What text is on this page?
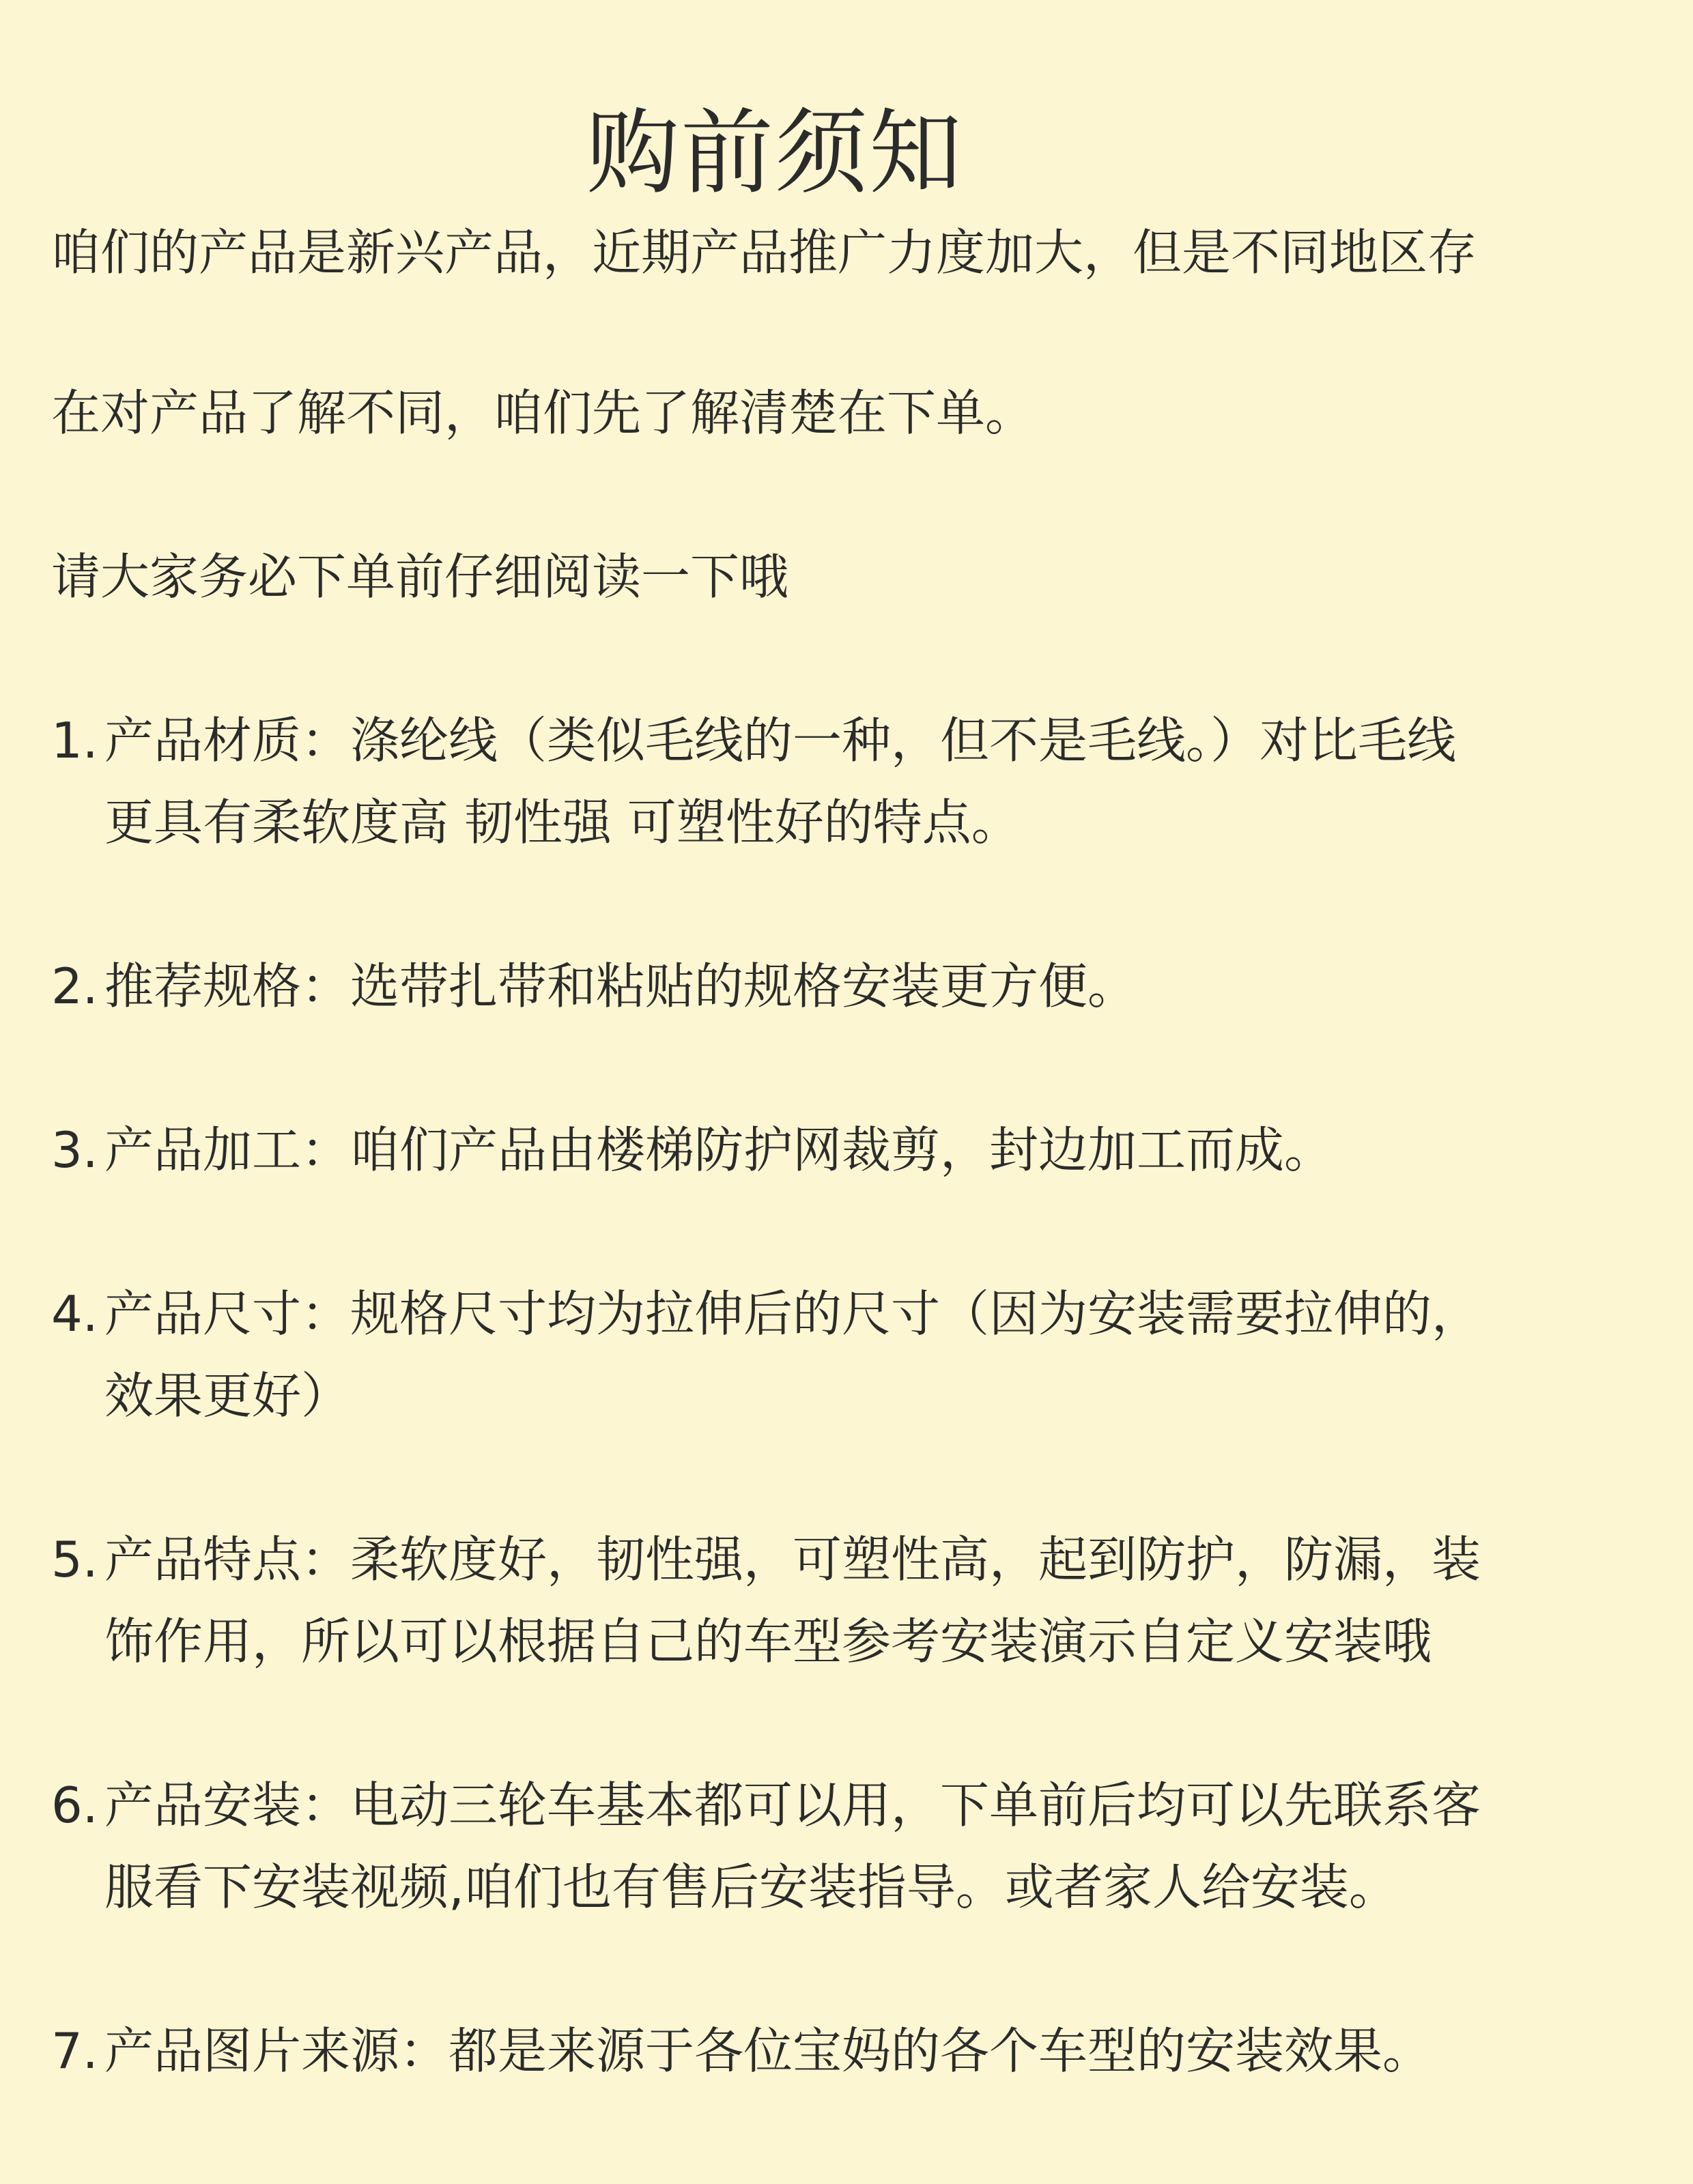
购前须知

咱们的产品是新兴产品，近期产品推广力度加大，但是不同地区存

在对产品了解不同，咱们先了解清楚在下单。

请大家务必下单前仔细阅读一下哦

1. 产品材质：涤纶线（类似毛线的一种，但不是毛线。）对比毛线
更具有柔软度高 韧性强 可塑性好的特点。
2. 推荐规格：选带扎带和粘贴的规格安装更方便。
3. 产品加工：咱们产品由楼梯防护网裁剪，封边加工而成。
4. 产品尺寸：规格尺寸均为拉伸后的尺寸（因为安装需要拉伸的，
效果更好）
5. 产品特点：柔软度好，韧性强，可塑性高，起到防护，防漏，装
饰作用，所以可以根据自己的车型参考安装演示自定义安装哦
6. 产品安装：电动三轮车基本都可以用，下单前后均可以先联系客
服看下安装视频,咱们也有售后安装指导。或者家人给安装。
7. 产品图片来源：都是来源于各位宝妈的各个车型的安装效果。
